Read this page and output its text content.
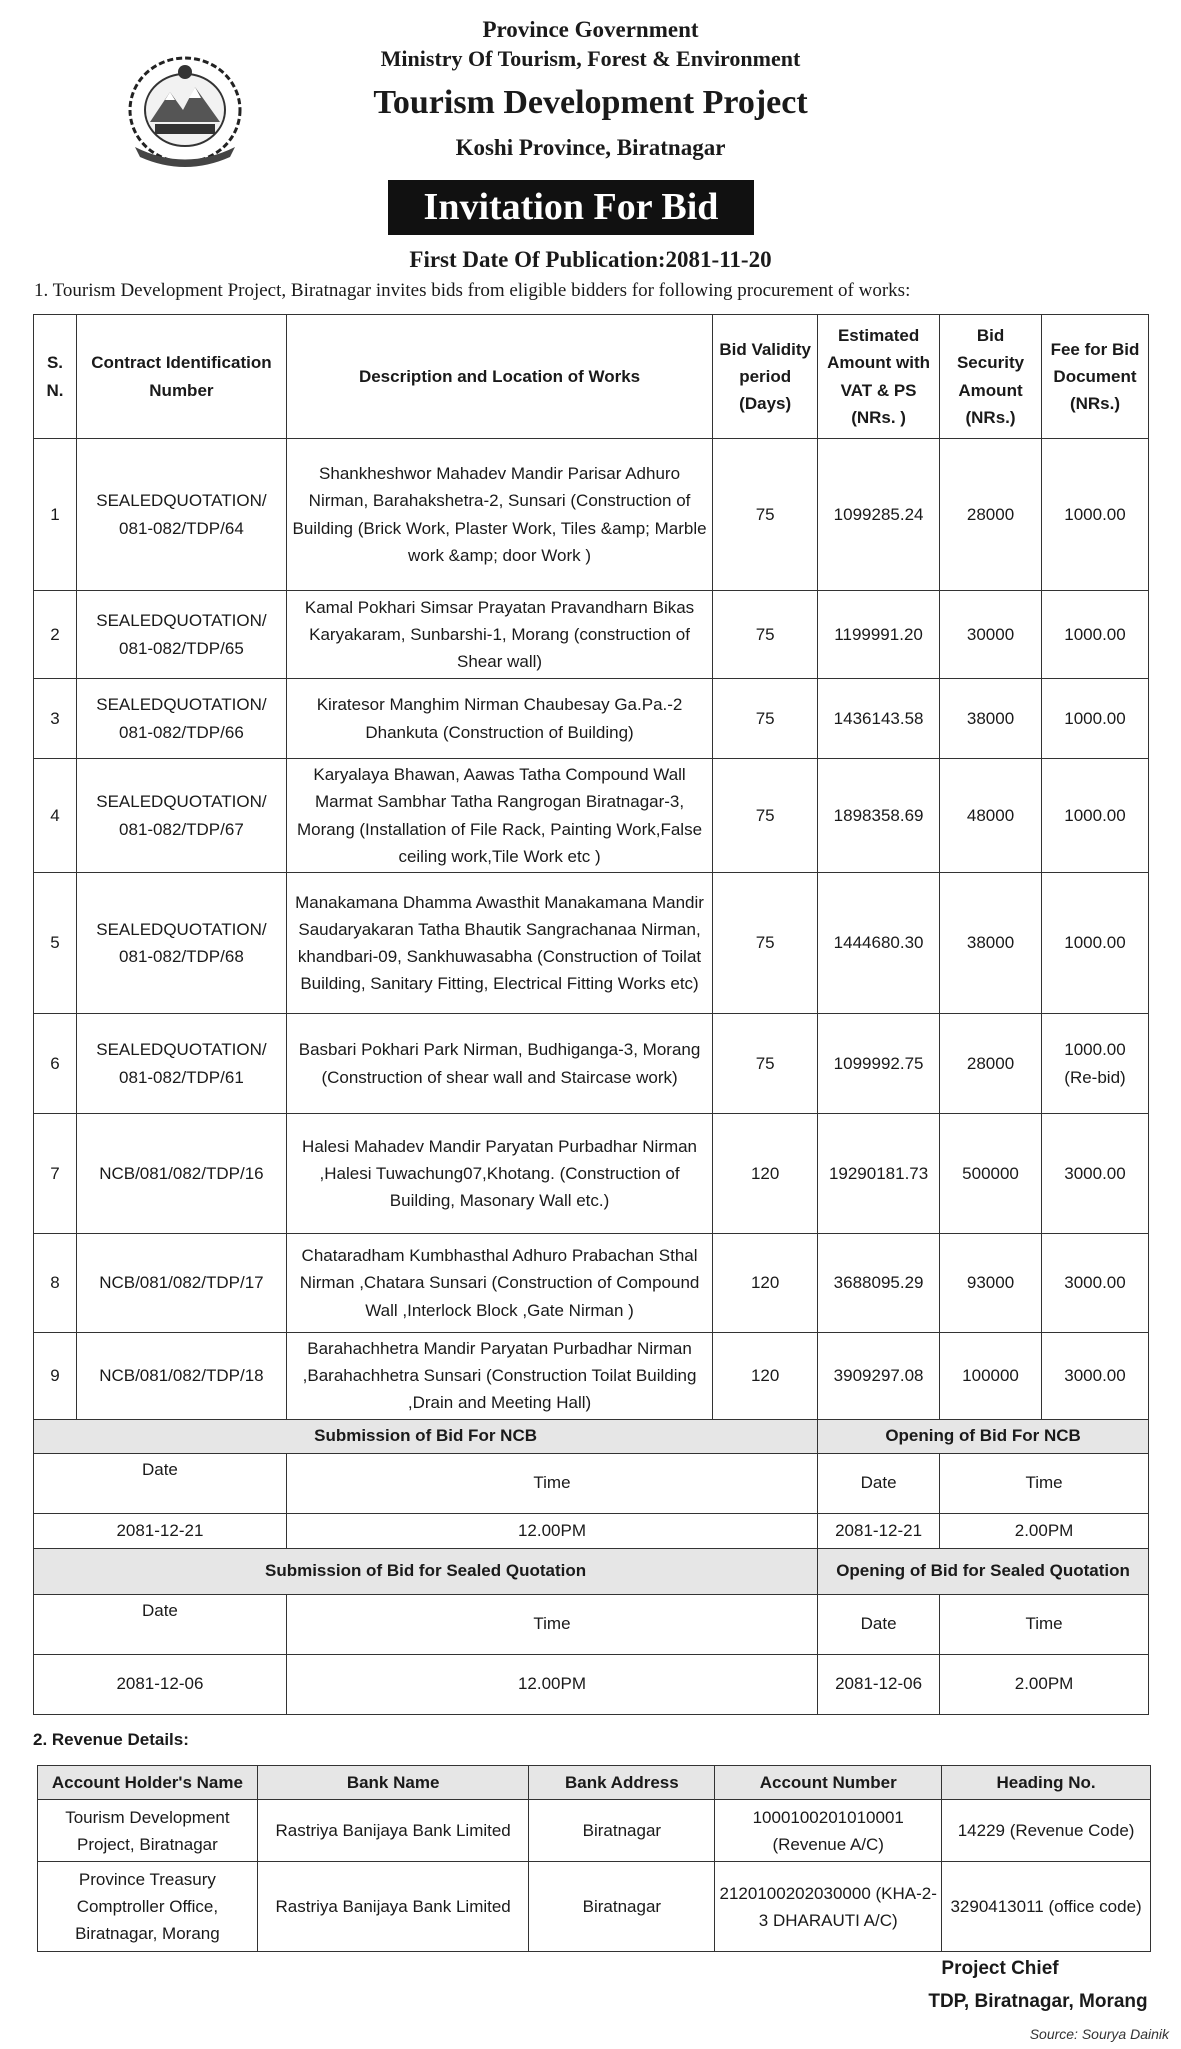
Province Government
Ministry Of Tourism, Forest & Environment
Tourism Development Project
Koshi Province, Biratnagar
Invitation For Bid
First Date Of Publication:2081-11-20
1. Tourism Development Project, Biratnagar invites bids from eligible bidders for following procurement of works:
S. N.	Contract Identification Number	Description and Location of Works	Bid Validity period (Days)	Estimated Amount with VAT & PS (NRs. )	Bid Security Amount (NRs.)	Fee for Bid Document (NRs.)
1	SEALEDQUOTATION/ 081-082/TDP/64	Shankheshwor Mahadev Mandir Parisar Adhuro Nirman, Barahakshetra-2, Sunsari (Construction of Building (Brick Work, Plaster Work, Tiles &amp; Marble work &amp; door Work )	75	1099285.24	28000	1000.00
2	SEALEDQUOTATION/ 081-082/TDP/65	Kamal Pokhari Simsar Prayatan Pravandharn Bikas Karyakaram, Sunbarshi-1, Morang (construction of Shear wall)	75	1199991.20	30000	1000.00
3	SEALEDQUOTATION/ 081-082/TDP/66	Kiratesor Manghim Nirman Chaubesay Ga.Pa.-2 Dhankuta (Construction of Building)	75	1436143.58	38000	1000.00
4	SEALEDQUOTATION/ 081-082/TDP/67	Karyalaya Bhawan, Aawas Tatha Compound Wall Marmat Sambhar Tatha Rangrogan Biratnagar-3, Morang (Installation of File Rack, Painting Work,False ceiling work,Tile Work etc )	75	1898358.69	48000	1000.00
5	SEALEDQUOTATION/ 081-082/TDP/68	Manakamana Dhamma Awasthit Manakamana Mandir Saudaryakaran Tatha Bhautik Sangrachanaa Nirman, khandbari-09, Sankhuwasabha (Construction of Toilat Building, Sanitary Fitting, Electrical Fitting Works etc)	75	1444680.30	38000	1000.00
6	SEALEDQUOTATION/ 081-082/TDP/61	Basbari Pokhari Park Nirman, Budhiganga-3, Morang (Construction of shear wall and Staircase work)	75	1099992.75	28000	1000.00 (Re-bid)
7	NCB/081/082/TDP/16	Halesi Mahadev Mandir Paryatan Purbadhar Nirman ,Halesi Tuwachung07,Khotang. (Construction of Building, Masonary Wall etc.)	120	19290181.73	500000	3000.00
8	NCB/081/082/TDP/17	Chataradham Kumbhasthal Adhuro Prabachan Sthal Nirman ,Chatara Sunsari (Construction of Compound Wall ,Interlock Block ,Gate Nirman )	120	3688095.29	93000	3000.00
9	NCB/081/082/TDP/18	Barahachhetra Mandir Paryatan Purbadhar Nirman ,Barahachhetra Sunsari (Construction Toilat Building ,Drain and Meeting Hall)	120	3909297.08	100000	3000.00
Submission of Bid For NCB				Opening of Bid For NCB		
Date		Time		Date	Time	
2081-12-21		12.00PM		2081-12-21	2.00PM	
Submission of Bid for Sealed Quotation				Opening of Bid for Sealed Quotation		
Date		Time		Date	Time	
2081-12-06		12.00PM		2081-12-06	2.00PM	
2. Revenue Details:
Account Holder's Name	Bank Name	Bank Address	Account Number	Heading No.
Tourism Development Project, Biratnagar	Rastriya Banijaya Bank Limited	Biratnagar	1000100201010001 (Revenue A/C)	14229 (Revenue Code)
Province Treasury Comptroller Office, Biratnagar, Morang	Rastriya Banijaya Bank Limited	Biratnagar	2120100202030000 (KHA-2-3 DHARAUTI A/C)	3290413011 (office code)
Project Chief
TDP, Biratnagar, Morang
Source: Sourya Dainik
